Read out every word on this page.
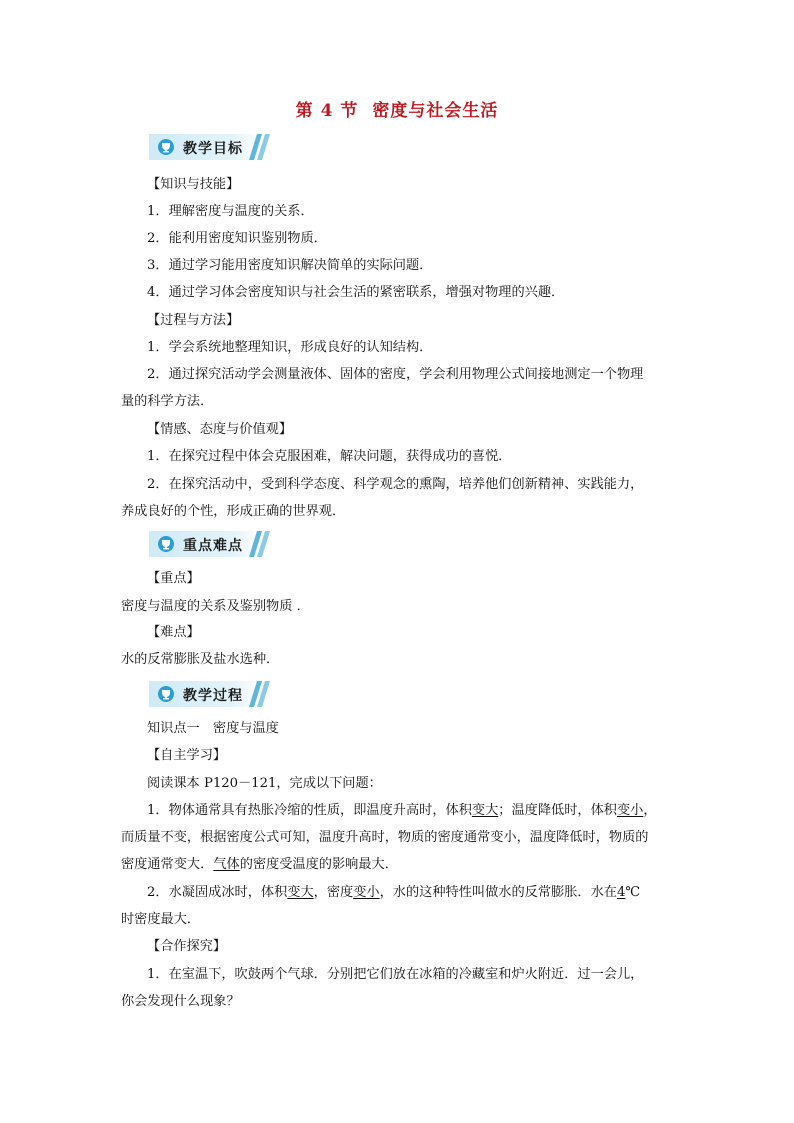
第 4 节 密度与社会生活
教学目标
【知识与技能】
1．理解密度与温度的关系．
2．能利用密度知识鉴别物质．
3．通过学习能用密度知识解决简单的实际问题．
4．通过学习体会密度知识与社会生活的紧密联系，增强对物理的兴趣．
【过程与方法】
1．学会系统地整理知识，形成良好的认知结构．
2．通过探究活动学会测量液体、固体的密度，学会利用物理公式间接地测定一个物理
量的科学方法．
【情感、态度与价值观】
1．在探究过程中体会克服困难，解决问题，获得成功的喜悦．
2．在探究活动中，受到科学态度、科学观念的熏陶，培养他们创新精神、实践能力，
养成良好的个性，形成正确的世界观．
重点难点
【重点】
密度与温度的关系及鉴别物质 ．
【难点】
水的反常膨胀及盐水选种．
教学过程
知识点一　密度与温度
【自主学习】
阅读课本 P120－121，完成以下问题：
1．物体通常具有热胀冷缩的性质，即温度升高时，体积变大；温度降低时，体积变小，
而质量不变，根据密度公式可知，温度升高时，物质的密度通常变小，温度降低时，物质的
密度通常变大．气体的密度受温度的影响最大．
2．水凝固成冰时，体积变大，密度变小，水的这种特性叫做水的反常膨胀．水在4℃
时密度最大．
【合作探究】
1．在室温下，吹鼓两个气球．分别把它们放在冰箱的冷藏室和炉火附近．过一会儿，
你会发现什么现象？
